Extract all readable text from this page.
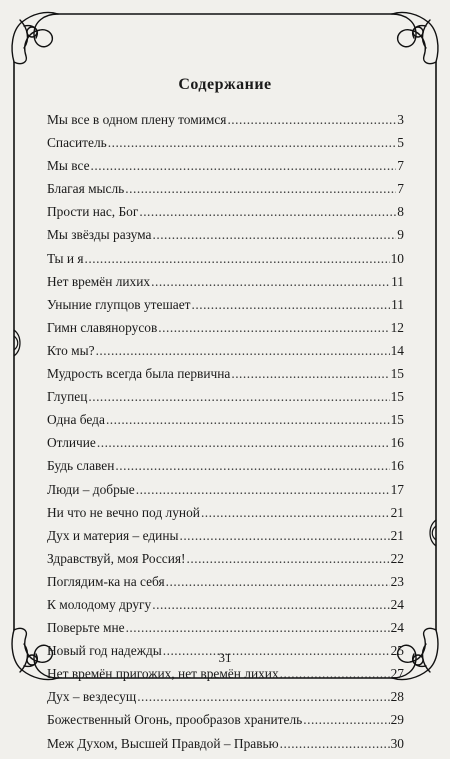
Содержание
Мы все в одном плену томимся .....	3
Спаситель .....	5
Мы все .....	7
Благая мысль .....	7
Прости нас, Бог .....	8
Мы звёзды разума .....	9
Ты и я .....	10
Нет времён лихих .....	11
Уныние глупцов утешает .....	11
Гимн славянорусов .....	12
Кто мы? .....	14
Мудрость всегда была первична .....	15
Глупец .....	15
Одна беда .....	15
Отличие .....	16
Будь славен .....	16
Люди – добрые .....	17
Ни что не вечно под луной .....	21
Дух и материя – едины .....	21
Здравствуй, моя Россия! .....	22
Поглядим-ка на себя .....	23
К молодому другу .....	24
Поверьте мне .....	24
Новый год надежды .....	25
Нет времён пригожих, нет времён лихих .....	27
Дух – вездесущ .....	28
Божественный Огонь, прообразов хранитель .....	29
Меж Духом, Высшей Правдой – Правью .....	30
31
